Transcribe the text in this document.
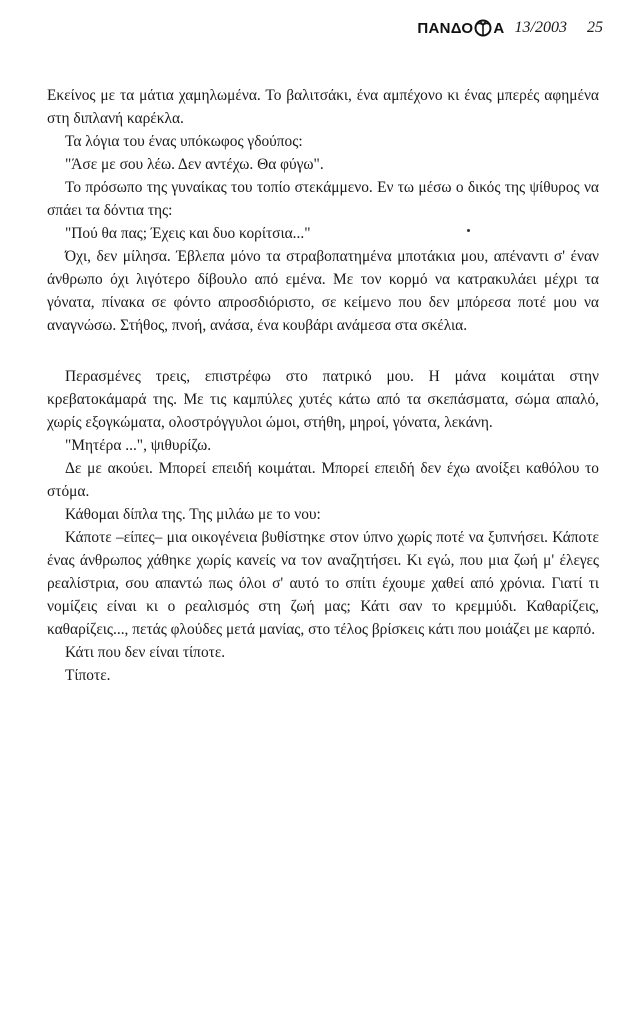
ΠΑΝΔΟ Α 13/2003 25

Εκείνος με τα μάτια χαμηλωμένα. Το βαλιτσάκι, ένα αμπέχονο κι ένας μπερές αφημένα στη διπλανή καρέκλα.

Τα λόγια του ένας υπόκωφος γδούπος:

"Άσε με σου λέω. Δεν αντέχω. Θα φύγω".

Το πρόσωπο της γυναίκας του τοπίο στεκάμμενο. Εν τω μέσω ο δικός της ψίθυρος να σπάει τα δόντια της:

"Πού θα πας; Έχεις και δυο κορίτσια..."

Όχι, δεν μίλησα. Έβλεπα μόνο τα στραβοπατημένα μποτάκια μου, απέναντι σ' έναν άνθρωπο όχι λιγότερο δίβουλο από εμένα. Με τον κορμό να κατρακυλάει μέχρι τα γόνατα, πίνακα σε φόντο απροσδιόριστο, σε κείμενο που δεν μπόρεσα ποτέ μου να αναγνώσω. Στήθος, πνοή, ανάσα, ένα κουβάρι ανάμεσα στα σκέλια.

Περασμένες τρεις, επιστρέφω στο πατρικό μου. Η μάνα κοιμάται στην κρεβατοκάμαρά της. Με τις καμπύλες χυτές κάτω από τα σκεπάσματα, σώμα απαλό, χωρίς εξογκώματα, ολοστρόγγυλοι ώμοι, στήθη, μηροί, γόνατα, λεκάνη.

"Μητέρα ...", ψιθυρίζω.

Δε με ακούει. Μπορεί επειδή κοιμάται. Μπορεί επειδή δεν έχω ανοίξει καθόλου το στόμα.

Κάθομαι δίπλα της. Της μιλάω με το νου:

Κάποτε –είπες– μια οικογένεια βυθίστηκε στον ύπνο χωρίς ποτέ να ξυπνήσει. Κάποτε ένας άνθρωπος χάθηκε χωρίς κανείς να τον αναζητήσει. Κι εγώ, που μια ζωή μ' έλεγες ρεαλίστρια, σου απαντώ πως όλοι σ' αυτό το σπίτι έχουμε χαθεί από χρόνια. Γιατί τι νομίζεις είναι κι ο ρεαλισμός στη ζωή μας; Κάτι σαν το κρεμμύδι. Καθαρίζεις, καθαρίζεις..., πετάς φλούδες μετά μανίας, στο τέλος βρίσκεις κάτι που μοιάζει με καρπό.

Κάτι που δεν είναι τίποτε.

Τίποτε.
